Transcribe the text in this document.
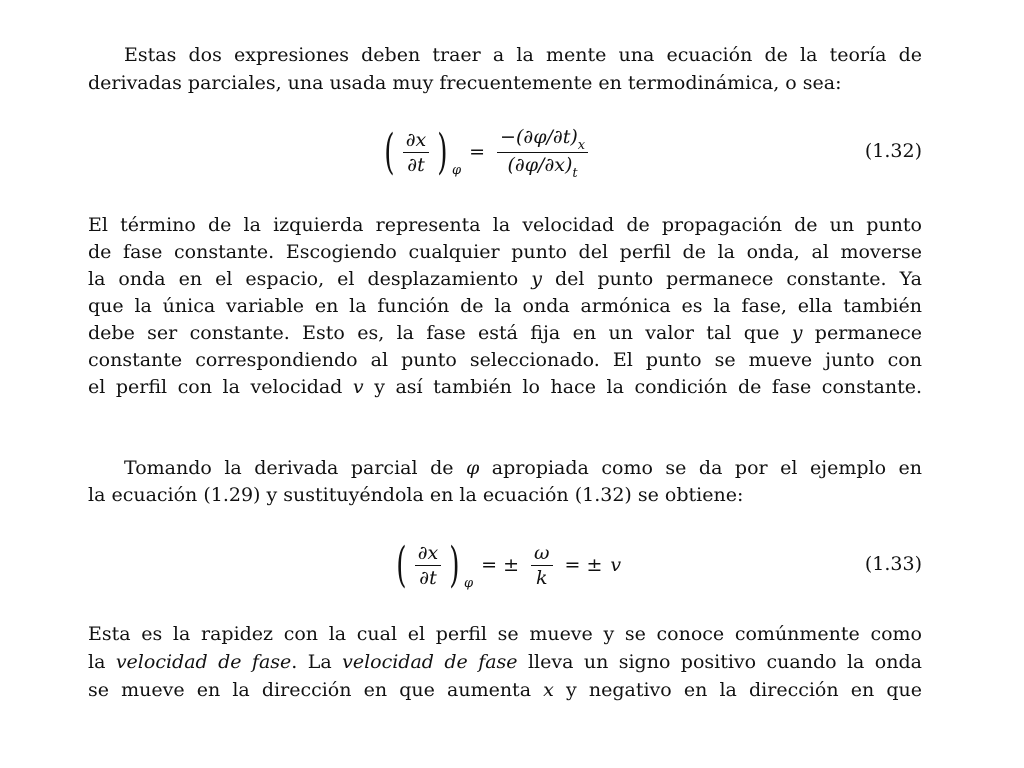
Estas dos expresiones deben traer a la mente una ecuación de la teoría de
derivadas parciales, una usada muy frecuentemente en termodinámica, o sea:
( $\frac{\partial x}{\partial t}$ ) φ
= $\frac{-(\partial\varphi/\partial t)_x}{(\partial\varphi/\partial x)_t}$	(1.32)
El término de la izquierda representa la velocidad de propagación de un punto
de fase constante. Escogiendo cualquier punto del perfil de la onda, al moverse
la onda en el espacio, el desplazamiento y del punto permanece constante. Ya
que la única variable en la función de la onda armónica es la fase, ella también
debe ser constante. Esto es, la fase está fija en un valor tal que y permanece
constante correspondiendo al punto seleccionado. El punto se mueve junto con
el perfil con la velocidad v y así también lo hace la condición de fase constante.
Tomando la derivada parcial de φ apropiada como se da por el ejemplo en
la ecuación (1.29) y sustituyéndola en la ecuación (1.32) se obtiene:
( $\frac{\partial x}{\partial t}$ ) φ
= ± $\frac{\omega}{k}$ = ± v	(1.33)
Esta es la rapidez con la cual el perfil se mueve y se conoce comúnmente como
la velocidad de fase. La velocidad de fase lleva un signo positivo cuando la onda
se mueve en la dirección en que aumenta x y negativo en la dirección en que
